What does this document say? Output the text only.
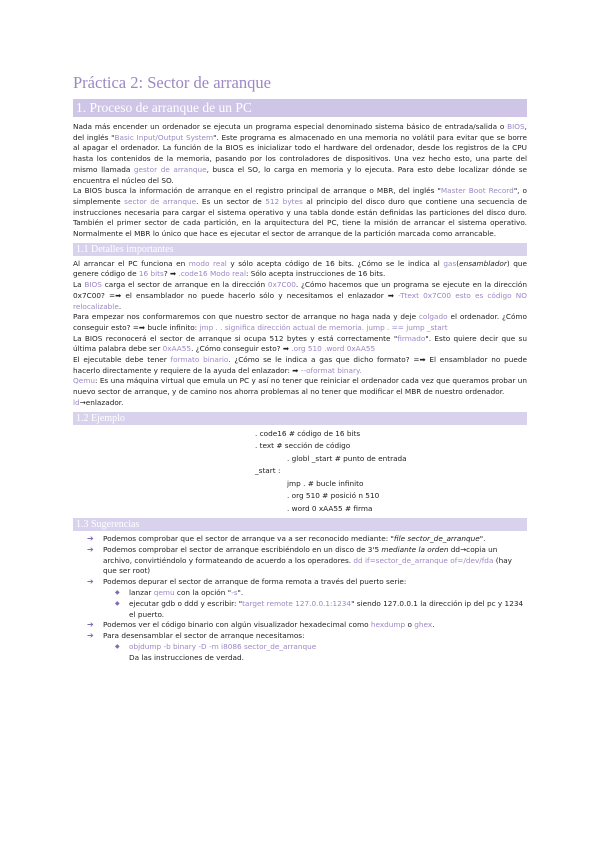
Práctica 2: Sector de arranque
1. Proceso de arranque de un PC

Nada más encender un ordenador se ejecuta un programa especial denominado sistema básico de entrada/salida o BIOS, del inglés "Basic Input/Output System". Este programa es almacenado en una memoria no volátil para evitar que se borre al apagar el ordenador. La función de la BIOS es inicializar todo el hardware del ordenador, desde los registros de la CPU hasta los contenidos de la memoria, pasando por los controladores de dispositivos. Una vez hecho esto, una parte del mismo llamada gestor de arranque, busca el SO, lo carga en memoria y lo ejecuta. Para esto debe localizar dónde se encuentra el núcleo del SO.

La BIOS busca la información de arranque en el registro principal de arranque o MBR, del inglés "Master Boot Record", o simplemente sector de arranque. Es un sector de 512 bytes al principio del disco duro que contiene una secuencia de instrucciones necesaria para cargar el sistema operativo y una tabla donde están definidas las particiones del disco duro. También el primer sector de cada partición, en la arquitectura del PC, tiene la misión de arrancar el sistema operativo. Normalmente el MBR lo único que hace es ejecutar el sector de arranque de la partición marcada como arrancable.

1.1 Detalles importantes

Al arrancar el PC funciona en modo real y sólo acepta código de 16 bits. ¿Cómo se le indica al gas(ensamblador) que genere código de 16 bits? ➡ .code16 Modo real: Sólo acepta instrucciones de 16 bits.

La BIOS carga el sector de arranque en la dirección 0x7C00. ¿Cómo hacemos que un programa se ejecute en la dirección 0x7C00? =➡ el ensamblador no puede hacerlo sólo y necesitamos el enlazador ➡ -Ttext 0x7C00 esto es código NO relocalizable.

Para empezar nos conformaremos con que nuestro sector de arranque no haga nada y deje colgado el ordenador. ¿Cómo conseguir esto? =➡ bucle infinito: jmp . . significa dirección actual de memoria. jump . == jump _start

La BIOS reconocerá el sector de arranque si ocupa 512 bytes y está correctamente "firmado". Esto quiere decir que su última palabra debe ser 0xAA55. ¿Cómo conseguir esto? ➡ .org 510 .word 0xAA55

El ejecutable debe tener formato binario. ¿Cómo se le indica a gas que dicho formato? =➡ El ensamblador no puede hacerlo directamente y requiere de la ayuda del enlazador: ➡ --oformat binary.

Qemu: Es una máquina virtual que emula un PC y así no tener que reiniciar el ordenador cada vez que queramos probar un nuevo sector de arranque, y de camino nos ahorra problemas al no tener que modificar el MBR de nuestro ordenador.

ld→enlazador.

1.2 Ejemplo
. code16 # código de 16 bits
. text # sección de código
. globl _start # punto de entrada
_start :
jmp . # bucle infinito
. org 510 # posició n 510
. word 0 xAA55 # firma
1.3 Sugerencias
➔ Podemos comprobar que el sector de arranque va a ser reconocido mediante: "file sector_de_arranque".
➔ Podemos comprobar el sector de arranque escribiéndolo en un disco de 3'5 mediante la orden dd→copia un archivo, convirtiéndolo y formateando de acuerdo a los operadores. dd if=sector_de_arranque of=/dev/fda (hay que ser root)
➔ Podemos depurar el sector de arranque de forma remota a través del puerto serie:
◆ lanzar qemu con la opción "-s".
◆ ejecutar gdb o ddd y escribir: "target remote 127.0.0.1:1234" siendo 127.0.0.1 la dirección ip del pc y 1234 el puerto.
➔ Podemos ver el código binario con algún visualizador hexadecimal como hexdump o ghex.
➔ Para desensamblar el sector de arranque necesitamos:
◆ objdump -b binary -D -m i8086 sector_de_arranque
Da las instrucciones de verdad.
